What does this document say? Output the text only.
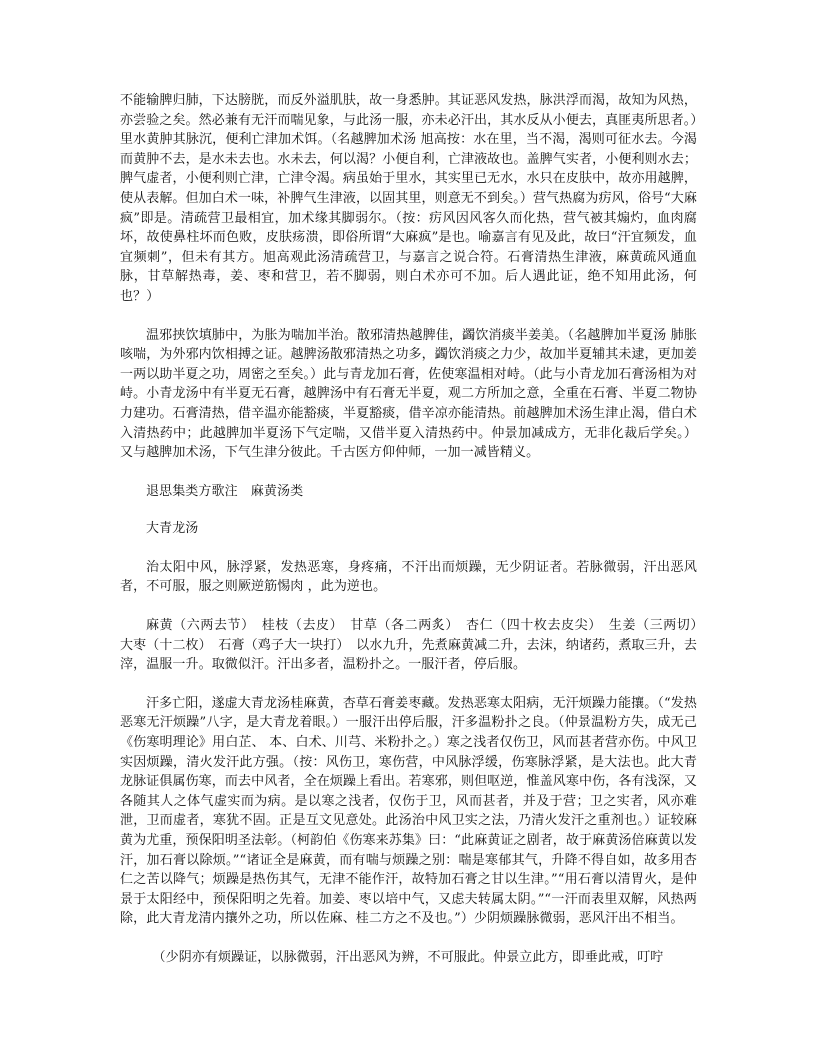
不能输脾归肺，下达膀胱，而反外溢肌肤，故一身悉肿。其证恶风发热，脉洪浮而渴，故知为风热，亦尝验之矣。然必兼有无汗而喘见象，与此汤一服，亦未必汗出，其水反从小便去，真匪夷所思者。）里水黄肿其脉沉，便利亡津加术饵。（名越脾加术汤 旭高按：水在里，当不渴，渴则可征水去。今渴而黄肿不去，是水未去也。水未去，何以渴？小便自利，亡津液故也。盖脾气实者，小便利则水去；脾气虚者，小便利则亡津，亡津令渴。病虽始于里水，其实里已无水，水只在皮肤中，故亦用越脾，使从表解。但加白术一味，补脾气生津液，以固其里，则意无不到矣。）营气热腐为疠风，俗号“大麻疯”即是。清疏营卫最相宜，加术缘其脚弱尔。（按：疠风因风客久而化热，营气被其煽灼，血肉腐坏，故使鼻柱坏而色败，皮肤疡溃，即俗所谓“大麻疯”是也。喻嘉言有见及此，故曰“汗宜频发，血宜频刺”，但未有其方。旭高观此汤清疏营卫，与嘉言之说合符。石膏清热生津液，麻黄疏风通血脉，甘草解热毒，姜、枣和营卫，若不脚弱，则白术亦可不加。后人遇此证，绝不知用此汤，何也？）

温邪挟饮填肺中，为胀为喘加半治。散邪清热越脾佳，蠲饮消痰半姜美。（名越脾加半夏汤 肺胀咳喘，为外邪内饮相搏之证。越脾汤散邪清热之功多，蠲饮消痰之力少，故加半夏辅其未逮，更加姜一两以助半夏之功，周密之至矣。）此与青龙加石膏，佐使寒温相对峙。（此与小青龙加石膏汤相为对峙。小青龙汤中有半夏无石膏，越脾汤中有石膏无半夏，观二方所加之意，全重在石膏、半夏二物协力建功。石膏清热，借辛温亦能豁痰，半夏豁痰，借辛凉亦能清热。前越脾加术汤生津止渴，借白术入清热药中；此越脾加半夏汤下气定喘，又借半夏入清热药中。仲景加减成方，无非化裁后学矣。）又与越脾加术汤，下气生津分彼此。千古医方仰仲师，一加一减皆精义。

退思集类方歌注　麻黄汤类

大青龙汤

治太阳中风，脉浮紧，发热恶寒，身疼痛，不汗出而烦躁，无少阴证者。若脉微弱，汗出恶风者，不可服，服之则厥逆筋惕肉 ，此为逆也。

麻黄（六两去节）　桂枝（去皮）　甘草（各二两炙）　杏仁（四十枚去皮尖）　生姜（三两切）　大枣（十二枚）　石膏（鸡子大一块打）　以水九升，先煮麻黄减二升，去沫，纳诸药，煮取三升，去滓，温服一升。取微似汗。汗出多者，温粉扑之。一服汗者，停后服。

汗多亡阳，遂虚大青龙汤桂麻黄，杏草石膏姜枣藏。发热恶寒太阳病，无汗烦躁力能攘。（“发热恶寒无汗烦躁”八字，是大青龙着眼。）一服汗出停后服，汗多温粉扑之良。（仲景温粉方失，成无己《伤寒明理论》用白芷、 本、白术、川芎、米粉扑之。）寒之浅者仅伤卫，风而甚者营亦伤。中风卫实因烦躁，清火发汗此方强。（按：风伤卫，寒伤营，中风脉浮缓，伤寒脉浮紧，是大法也。此大青龙脉证俱属伤寒，而去中风者，全在烦躁上看出。若寒邪，则但呕逆，惟盖风寒中伤，各有浅深，又各随其人之体气虚实而为病。是以寒之浅者，仅伤于卫，风而甚者，并及于营；卫之实者，风亦难泄，卫而虚者，寒犹不固。正是互文见意处。此汤治中风卫实之法，乃清火发汗之重剂也。）证较麻黄为尤重，预保阳明圣法彰。（柯韵伯《伤寒来苏集》曰：“此麻黄证之剧者，故于麻黄汤倍麻黄以发汗，加石膏以除烦。”“诸证全是麻黄，而有喘与烦躁之别：喘是寒郁其气，升降不得自如，故多用杏仁之苦以降气；烦躁是热伤其气，无津不能作汗，故特加石膏之甘以生津。”“用石膏以清胃火，是仲景于太阳经中，预保阳明之先着。加姜、枣以培中气，又虑夫转属太阴。”“一汗而表里双解，风热两除，此大青龙清内攘外之功，所以佐麻、桂二方之不及也。”）少阴烦躁脉微弱，恶风汗出不相当。

（少阴亦有烦躁证，以脉微弱，汗出恶风为辨，不可服此。仲景立此方，即垂此戒，叮咛
